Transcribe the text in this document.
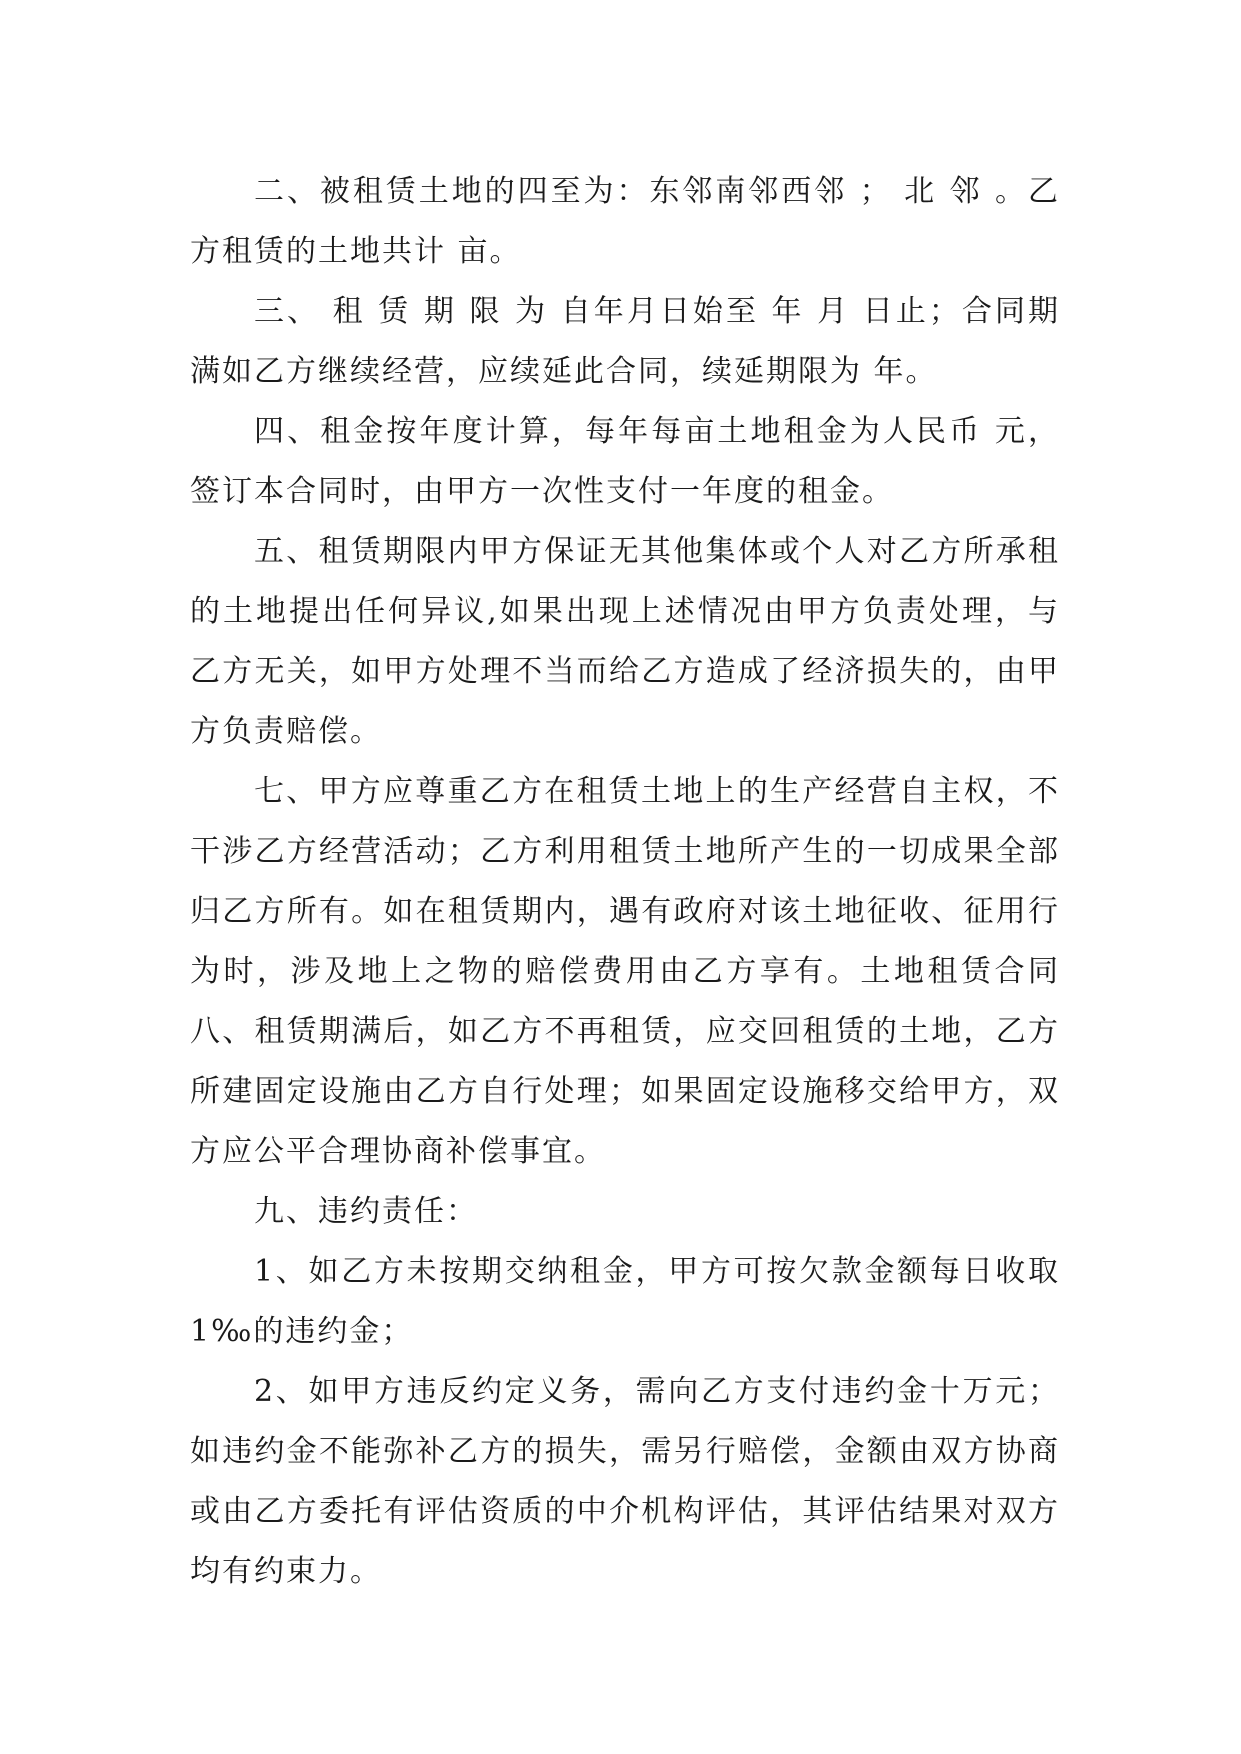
二、被租赁土地的四至为：东邻南邻西邻 ； 北 邻 。乙方租赁的土地共计 亩。

三、 租 赁 期 限 为 自年月日始至 年 月 日止；合同期满如乙方继续经营，应续延此合同，续延期限为 年。

四、租金按年度计算，每年每亩土地租金为人民币 元，签订本合同时，由甲方一次性支付一年度的租金。

五、租赁期限内甲方保证无其他集体或个人对乙方所承租的土地提出任何异议,如果出现上述情况由甲方负责处理，与乙方无关，如甲方处理不当而给乙方造成了经济损失的，由甲方负责赔偿。

七、甲方应尊重乙方在租赁土地上的生产经营自主权，不干涉乙方经营活动；乙方利用租赁土地所产生的一切成果全部归乙方所有。如在租赁期内，遇有政府对该土地征收、征用行为时，涉及地上之物的赔偿费用由乙方享有。土地租赁合同八、租赁期满后，如乙方不再租赁，应交回租赁的土地，乙方所建固定设施由乙方自行处理；如果固定设施移交给甲方，双方应公平合理协商补偿事宜。

九、违约责任：

1、如乙方未按期交纳租金，甲方可按欠款金额每日收取 1‰的违约金；

2、如甲方违反约定义务，需向乙方支付违约金十万元；如违约金不能弥补乙方的损失，需另行赔偿，金额由双方协商或由乙方委托有评估资质的中介机构评估，其评估结果对双方均有约束力。
